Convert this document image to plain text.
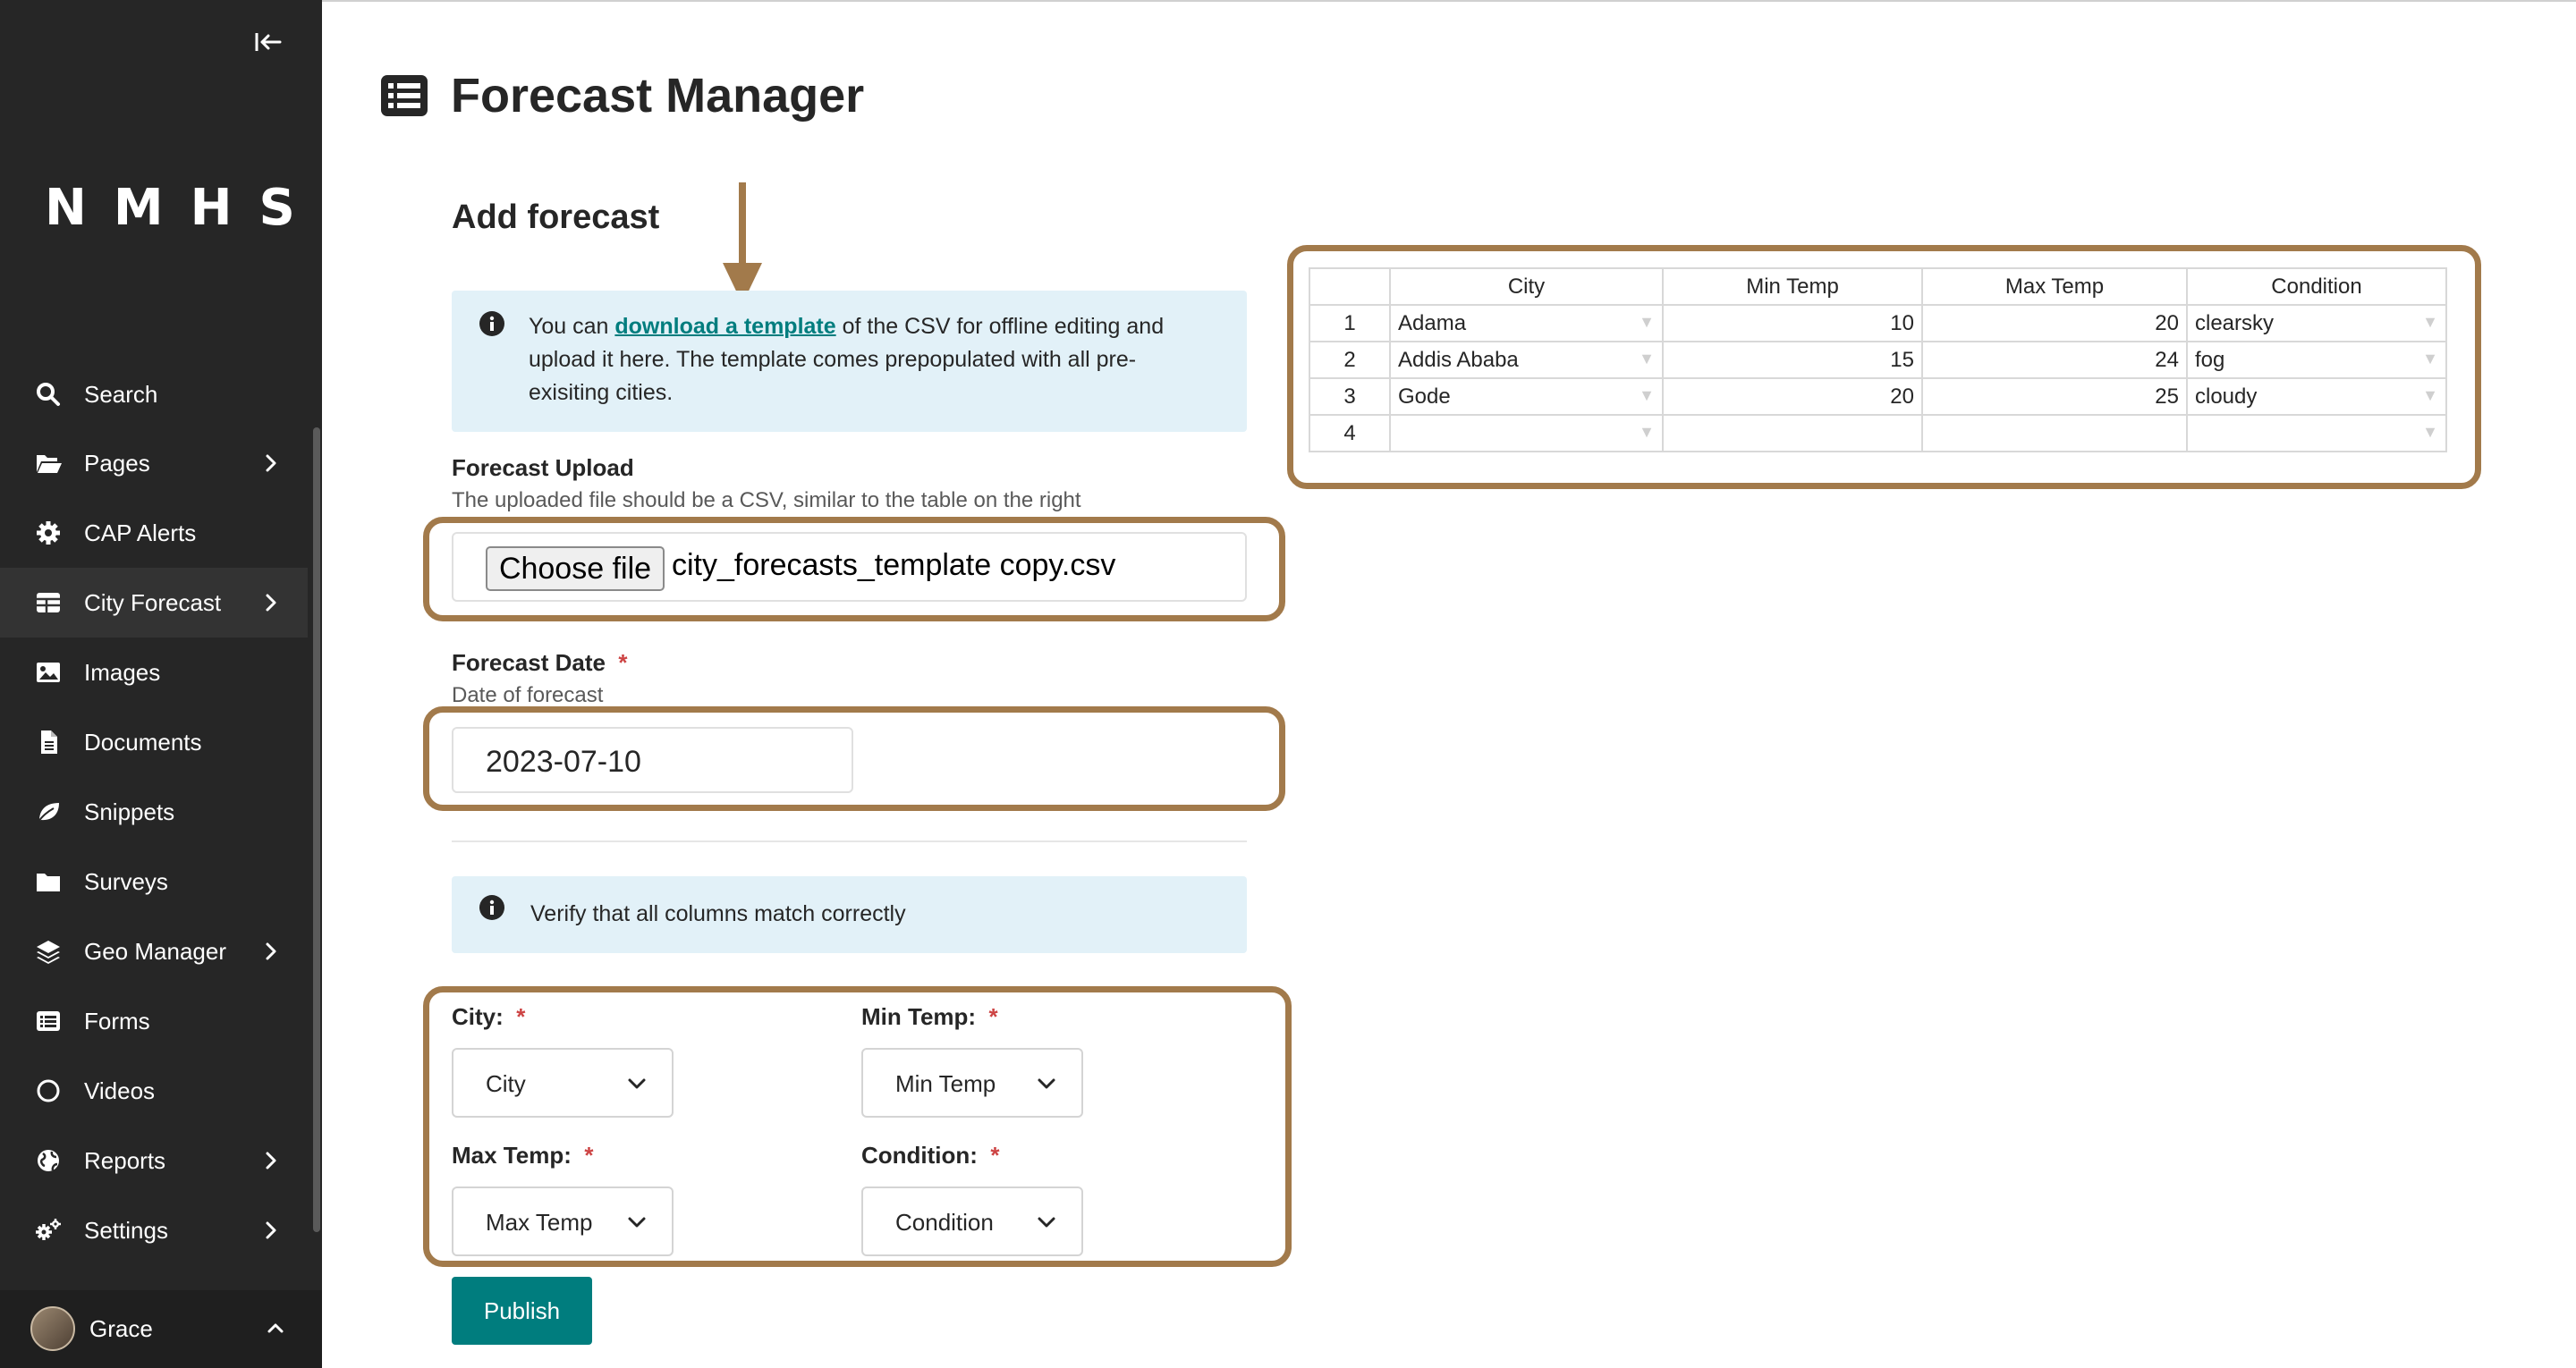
NMHS
Search
Pages
CAP Alerts
City Forecast
Images
Documents
Snippets
Surveys
Geo Manager
Forms
Videos
Reports
Settings
Grace
Forecast Manager
Add forecast
You can download a template of the CSV for offline editing and
upload it here. The template comes prepopulated with all pre-
exisiting cities.
Forecast Upload
The uploaded file should be a CSV, similar to the table on the right
Choose file city_forecasts_template copy.csv
Forecast Date *
Date of forecast
2023-07-10
Verify that all columns match correctly
City: *
City
Min Temp: *
Min Temp
Max Temp: *
Max Temp
Condition: *
Condition
Publish
	City	Min Temp	Max Temp	Condition
1	Adama ▼	10	20	clearsky ▼

2	Addis Ababa ▼	15	24	fog ▼

3	Gode ▼	20	25	cloudy ▼

4	▼			▼
